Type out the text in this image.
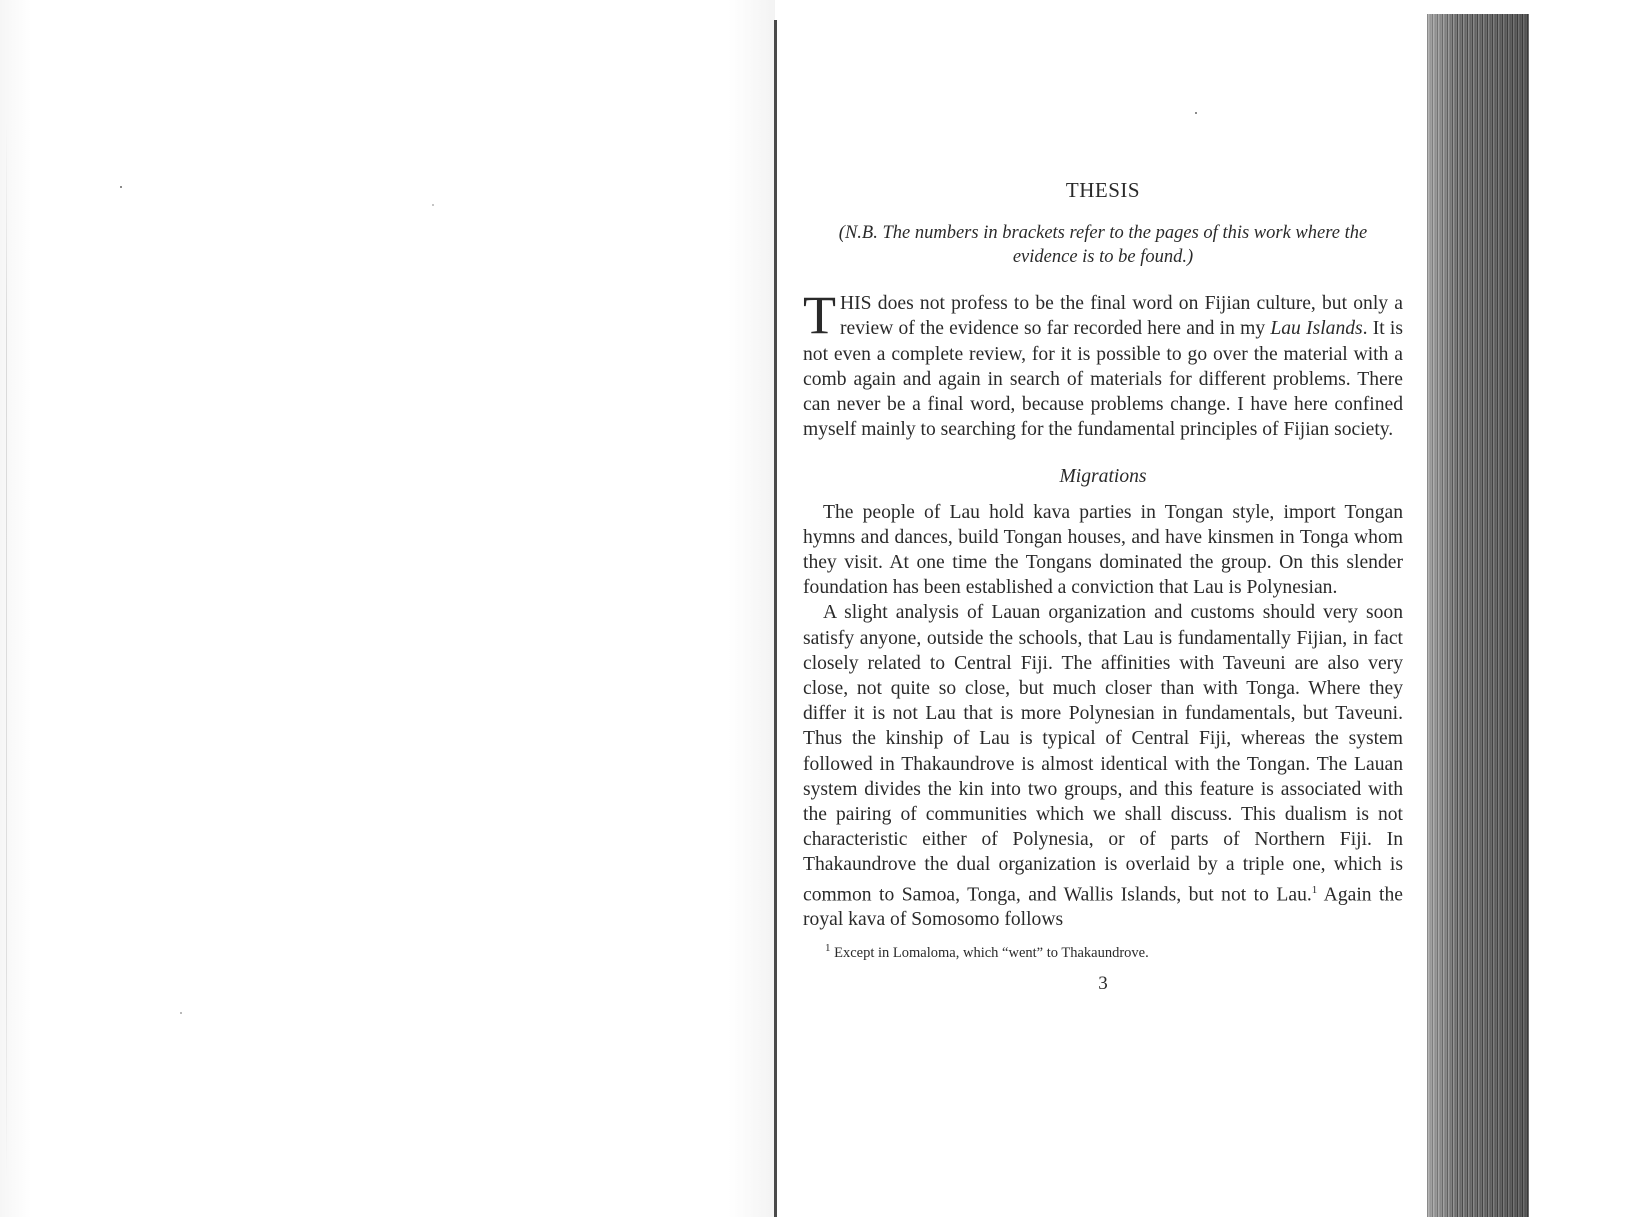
THESIS
(N.B. The numbers in brackets refer to the pages of this work where the evidence is to be found.)

THIS does not profess to be the final word on Fijian culture, but only a review of the evidence so far recorded here and in my Lau Islands. It is not even a complete review, for it is possible to go over the material with a comb again and again in search of materials for different problems. There can never be a final word, because problems change. I have here confined myself mainly to searching for the fundamental principles of Fijian society.

Migrations

The people of Lau hold kava parties in Tongan style, import Tongan hymns and dances, build Tongan houses, and have kinsmen in Tonga whom they visit. At one time the Tongans dominated the group. On this slender foundation has been established a conviction that Lau is Polynesian.

A slight analysis of Lauan organization and customs should very soon satisfy anyone, outside the schools, that Lau is fundamentally Fijian, in fact closely related to Central Fiji. The affinities with Taveuni are also very close, not quite so close, but much closer than with Tonga. Where they differ it is not Lau that is more Polynesian in fundamentals, but Taveuni. Thus the kinship of Lau is typical of Central Fiji, whereas the system followed in Thakaundrove is almost identical with the Tongan. The Lauan system divides the kin into two groups, and this feature is associated with the pairing of communities which we shall discuss. This dualism is not characteristic either of Polynesia, or of parts of Northern Fiji. In Thakaundrove the dual organization is overlaid by a triple one, which is common to Samoa, Tonga, and Wallis Islands, but not to Lau.$^1$ Again the royal kava of Somosomo follows

$^1$ Except in Lomaloma, which “went” to Thakaundrove.
3
